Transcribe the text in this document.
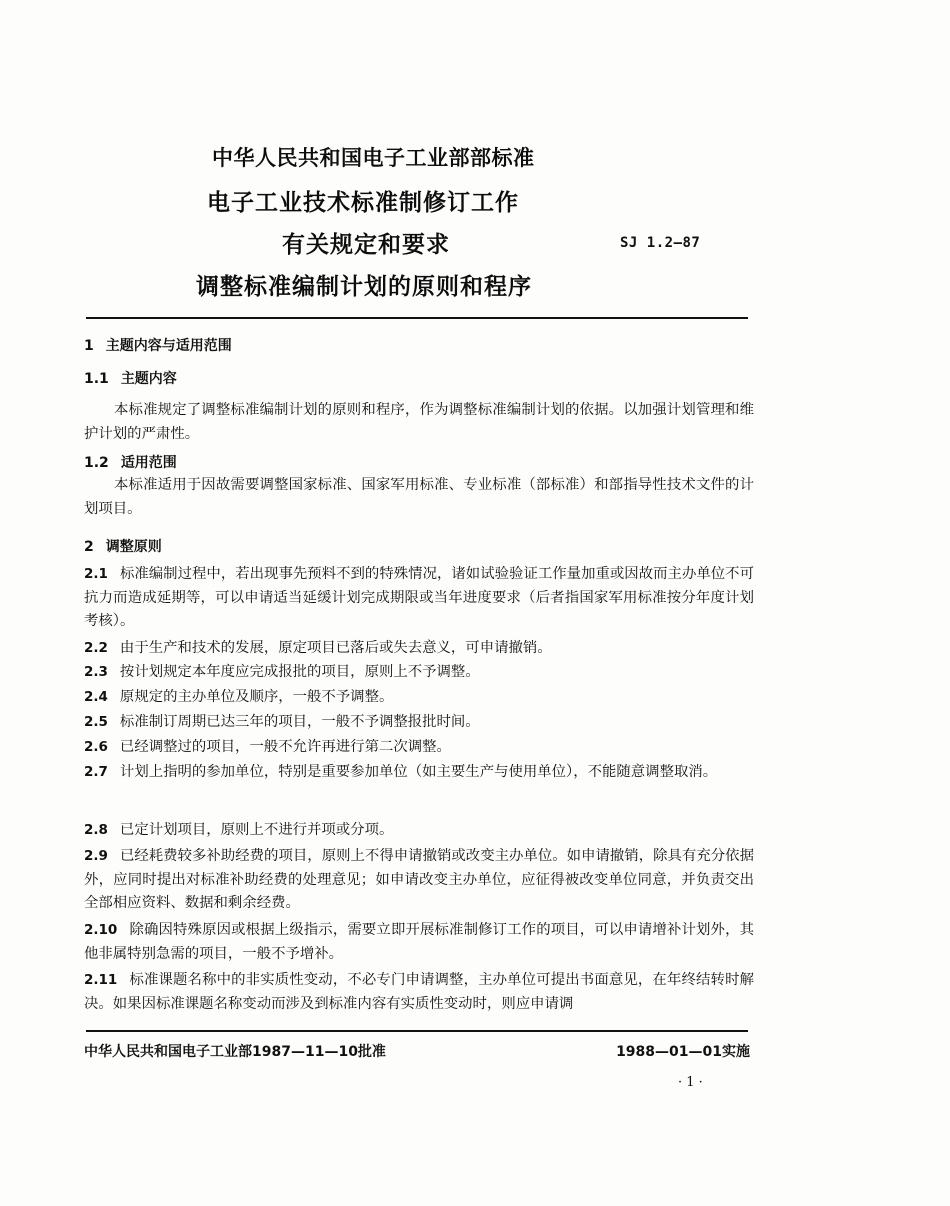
中华人民共和国电子工业部部标准
电子工业技术标准制修订工作
有关规定和要求
调整标准编制计划的原则和程序
SJ 1.2—87
1 主题内容与适用范围
1.1 主题内容
本标准规定了调整标准编制计划的原则和程序，作为调整标准编制计划的依据。以加强计划管理和维护计划的严肃性。
1.2 适用范围
本标准适用于因故需要调整国家标准、国家军用标准、专业标准（部标准）和部指导性技术文件的计划项目。
2 调整原则
2.1 标准编制过程中，若出现事先预料不到的特殊情况，诸如试验验证工作量加重或因故而主办单位不可抗力而造成延期等，可以申请适当延缓计划完成期限或当年进度要求（后者指国家军用标准按分年度计划考核）。
2.2 由于生产和技术的发展，原定项目已落后或失去意义，可申请撤销。
2.3 按计划规定本年度应完成报批的项目，原则上不予调整。
2.4 原规定的主办单位及顺序，一般不予调整。
2.5 标准制订周期已达三年的项目，一般不予调整报批时间。
2.6 已经调整过的项目，一般不允许再进行第二次调整。
2.7 计划上指明的参加单位，特别是重要参加单位（如主要生产与使用单位），不能随意调整取消。
2.8 已定计划项目，原则上不进行并项或分项。
2.9 已经耗费较多补助经费的项目，原则上不得申请撤销或改变主办单位。如申请撤销，除具有充分依据外，应同时提出对标准补助经费的处理意见；如申请改变主办单位，应征得被改变单位同意，并负责交出全部相应资料、数据和剩余经费。
2.10 除确因特殊原因或根据上级指示，需要立即开展标准制修订工作的项目，可以申请增补计划外，其他非属特别急需的项目，一般不予增补。
2.11 标准课题名称中的非实质性变动，不必专门申请调整，主办单位可提出书面意见，在年终结转时解决。如果因标准课题名称变动而涉及到标准内容有实质性变动时，则应申请调
中华人民共和国电子工业部1987—11—10批准	1988—01—01实施
· 1 ·
